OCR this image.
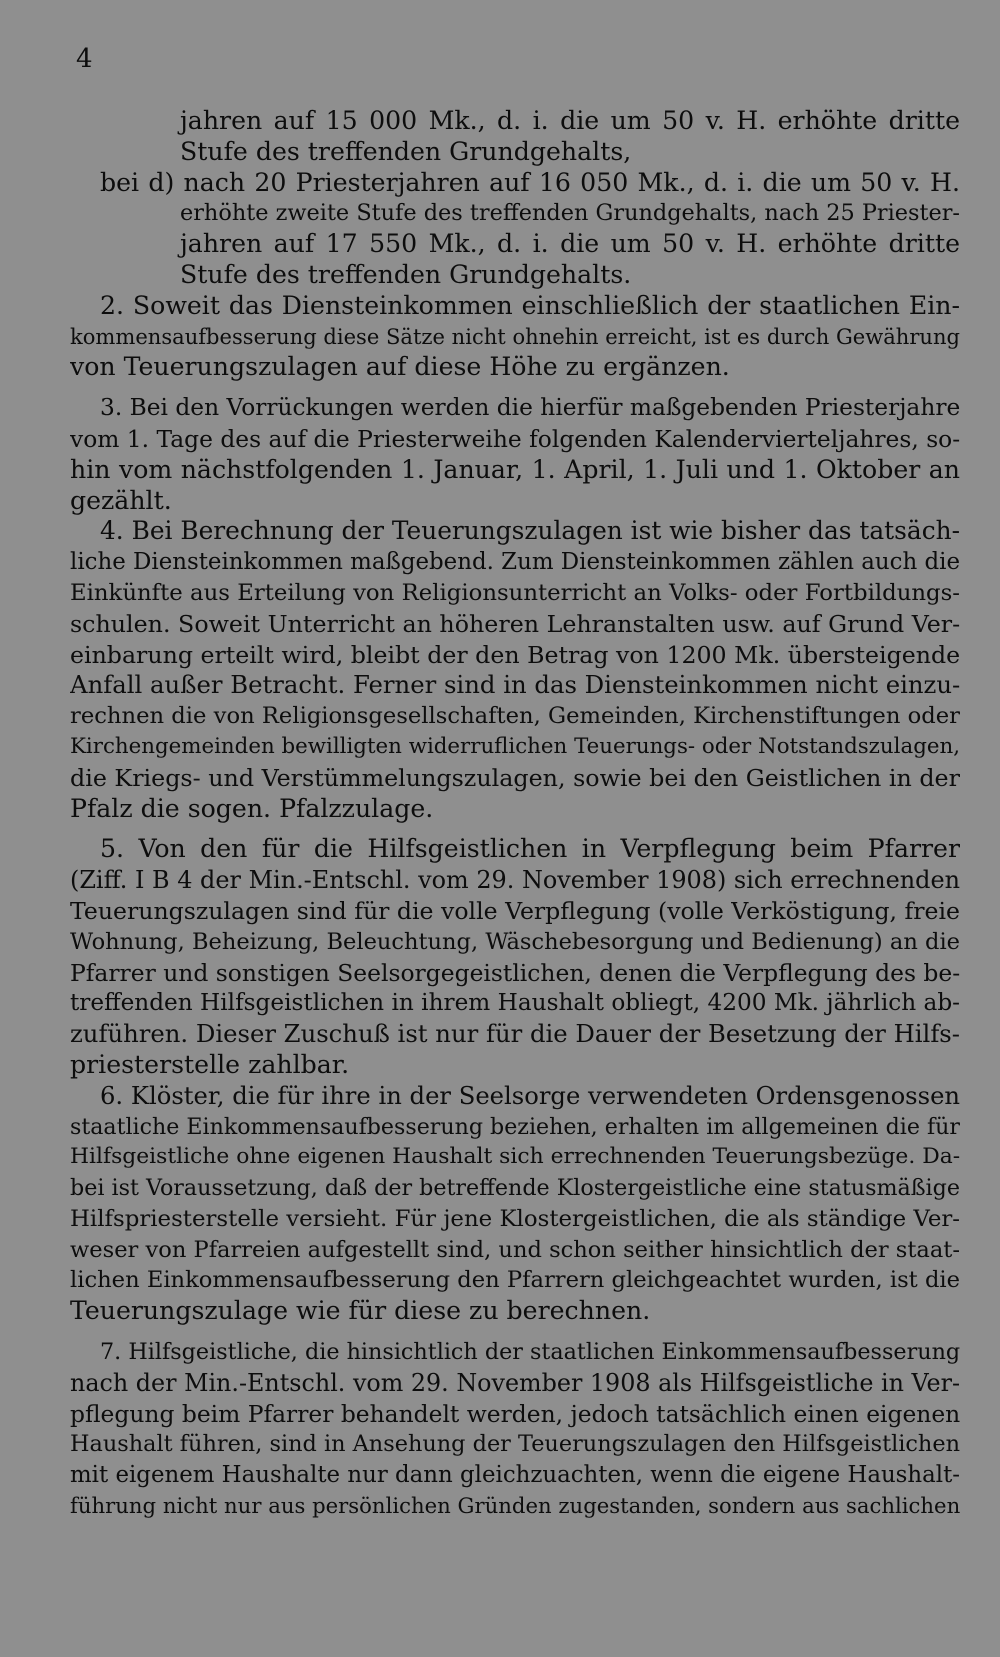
4
jahren auf 15 000 Mk., d. i. die um 50 v. H. erhöhte dritte
Stufe des treffenden Grundgehalts,
bei d) nach 20 Priesterjahren auf 16 050 Mk., d. i. die um 50 v. H.
erhöhte zweite Stufe des treffenden Grundgehalts, nach 25 Priester-
jahren auf 17 550 Mk., d. i. die um 50 v. H. erhöhte dritte
Stufe des treffenden Grundgehalts.
2. Soweit das Diensteinkommen einschließlich der staatlichen Ein-
kommensaufbesserung diese Sätze nicht ohnehin erreicht, ist es durch Gewährung
von Teuerungszulagen auf diese Höhe zu ergänzen.
3. Bei den Vorrückungen werden die hierfür maßgebenden Priesterjahre
vom 1. Tage des auf die Priesterweihe folgenden Kalendervierteljahres, so-
hin vom nächstfolgenden 1. Januar, 1. April, 1. Juli und 1. Oktober an
gezählt.
4. Bei Berechnung der Teuerungszulagen ist wie bisher das tatsäch-
liche Diensteinkommen maßgebend. Zum Diensteinkommen zählen auch die
Einkünfte aus Erteilung von Religionsunterricht an Volks- oder Fortbildungs-
schulen. Soweit Unterricht an höheren Lehranstalten usw. auf Grund Ver-
einbarung erteilt wird, bleibt der den Betrag von 1200 Mk. übersteigende
Anfall außer Betracht. Ferner sind in das Diensteinkommen nicht einzu-
rechnen die von Religionsgesellschaften, Gemeinden, Kirchenstiftungen oder
Kirchengemeinden bewilligten widerruflichen Teuerungs- oder Notstandszulagen,
die Kriegs- und Verstümmelungszulagen, sowie bei den Geistlichen in der
Pfalz die sogen. Pfalzzulage.
5. Von den für die Hilfsgeistlichen in Verpflegung beim Pfarrer
(Ziff. I B 4 der Min.-Entschl. vom 29. November 1908) sich errechnenden
Teuerungszulagen sind für die volle Verpflegung (volle Verköstigung, freie
Wohnung, Beheizung, Beleuchtung, Wäschebesorgung und Bedienung) an die
Pfarrer und sonstigen Seelsorgegeistlichen, denen die Verpflegung des be-
treffenden Hilfsgeistlichen in ihrem Haushalt obliegt, 4200 Mk. jährlich ab-
zuführen. Dieser Zuschuß ist nur für die Dauer der Besetzung der Hilfs-
priesterstelle zahlbar.
6. Klöster, die für ihre in der Seelsorge verwendeten Ordensgenossen
staatliche Einkommensaufbesserung beziehen, erhalten im allgemeinen die für
Hilfsgeistliche ohne eigenen Haushalt sich errechnenden Teuerungsbezüge. Da-
bei ist Voraussetzung, daß der betreffende Klostergeistliche eine statusmäßige
Hilfspriesterstelle versieht. Für jene Klostergeistlichen, die als ständige Ver-
weser von Pfarreien aufgestellt sind, und schon seither hinsichtlich der staat-
lichen Einkommensaufbesserung den Pfarrern gleichgeachtet wurden, ist die
Teuerungszulage wie für diese zu berechnen.
7. Hilfsgeistliche, die hinsichtlich der staatlichen Einkommensaufbesserung
nach der Min.-Entschl. vom 29. November 1908 als Hilfsgeistliche in Ver-
pflegung beim Pfarrer behandelt werden, jedoch tatsächlich einen eigenen
Haushalt führen, sind in Ansehung der Teuerungszulagen den Hilfsgeistlichen
mit eigenem Haushalte nur dann gleichzuachten, wenn die eigene Haushalt-
führung nicht nur aus persönlichen Gründen zugestanden, sondern aus sachlichen
